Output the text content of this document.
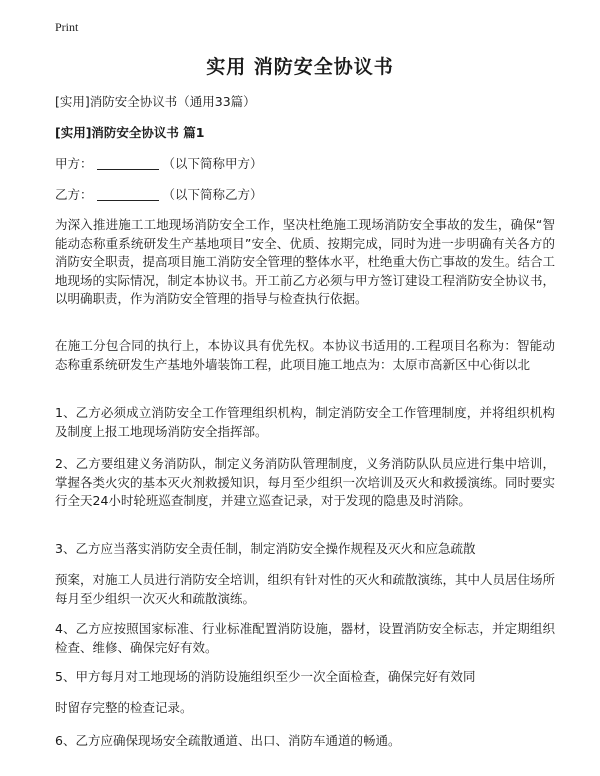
Print
实用 消防安全协议书

[实用]消防安全协议书（通用33篇）

[实用]消防安全协议书 篇1

甲方：	（以下简称甲方）

乙方：	（以下简称乙方）

为深入推进施工工地现场消防安全工作，坚决杜绝施工现场消防安全事故的发生，确保“智能动态称重系统研发生产基地项目”安全、优质、按期完成，同时为进一步明确有关各方的消防安全职责，提高项目施工消防安全管理的整体水平，杜绝重大伤亡事故的发生。结合工地现场的实际情况，制定本协议书。开工前乙方必须与甲方签订建设工程消防安全协议书，以明确职责，作为消防安全管理的指导与检查执行依据。

在施工分包合同的执行上，本协议具有优先权。本协议书适用的.工程项目名称为：智能动态称重系统研发生产基地外墙装饰工程，此项目施工地点为：太原市高新区中心街以北

1、乙方必须成立消防安全工作管理组织机构，制定消防安全工作管理制度，并将组织机构及制度上报工地现场消防安全指挥部。

2、乙方要组建义务消防队，制定义务消防队管理制度，义务消防队队员应进行集中培训，掌握各类火灾的基本灭火剂救援知识，每月至少组织一次培训及灭火和救援演练。同时要实行全天24小时轮班巡查制度，并建立巡查记录，对于发现的隐患及时消除。

3、乙方应当落实消防安全责任制，制定消防安全操作规程及灭火和应急疏散

预案，对施工人员进行消防安全培训，组织有针对性的灭火和疏散演练，其中人员居住场所每月至少组织一次灭火和疏散演练。

4、乙方应按照国家标准、行业标准配置消防设施，器材，设置消防安全标志，并定期组织检查、维修、确保完好有效。

5、甲方每月对工地现场的消防设施组织至少一次全面检查，确保完好有效同

时留存完整的检查记录。

6、乙方应确保现场安全疏散通道、出口、消防车通道的畅通。
